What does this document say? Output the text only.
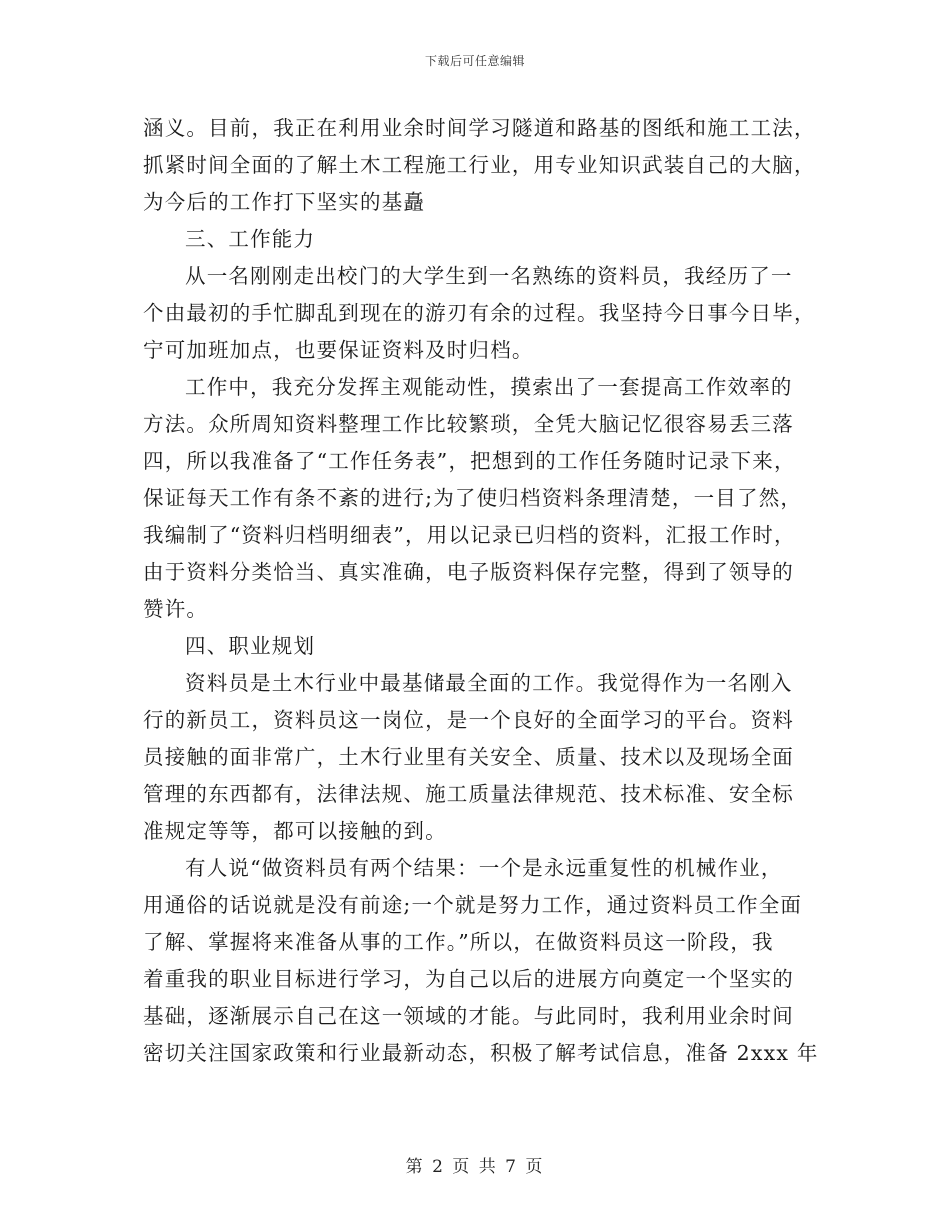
下载后可任意编辑
涵义。目前，我正在利用业余时间学习隧道和路基的图纸和施工工法，
抓紧时间全面的了解土木工程施工行业，用专业知识武装自己的大脑，
为今后的工作打下坚实的基矗
三、工作能力
从一名刚刚走出校门的大学生到一名熟练的资料员，我经历了一
个由最初的手忙脚乱到现在的游刃有余的过程。我坚持今日事今日毕，
宁可加班加点，也要保证资料及时归档。
工作中，我充分发挥主观能动性，摸索出了一套提高工作效率的
方法。众所周知资料整理工作比较繁琐，全凭大脑记忆很容易丢三落
四，所以我准备了“工作任务表”，把想到的工作任务随时记录下来，
保证每天工作有条不紊的进行;为了使归档资料条理清楚，一目了然，
我编制了“资料归档明细表”，用以记录已归档的资料，汇报工作时，
由于资料分类恰当、真实准确，电子版资料保存完整，得到了领导的
赞许。
四、职业规划
资料员是土木行业中最基储最全面的工作。我觉得作为一名刚入
行的新员工，资料员这一岗位，是一个良好的全面学习的平台。资料
员接触的面非常广，土木行业里有关安全、质量、技术以及现场全面
管理的东西都有，法律法规、施工质量法律规范、技术标准、安全标
准规定等等，都可以接触的到。
有人说“做资料员有两个结果：一个是永远重复性的机械作业，
用通俗的话说就是没有前途;一个就是努力工作，通过资料员工作全面
了解、掌握将来准备从事的工作。”所以，在做资料员这一阶段，我
着重我的职业目标进行学习，为自己以后的进展方向奠定一个坚实的
基础，逐渐展示自己在这一领域的才能。与此同时，我利用业余时间
密切关注国家政策和行业最新动态，积极了解考试信息，准备 2xxx 年
第 2 页 共 7 页
